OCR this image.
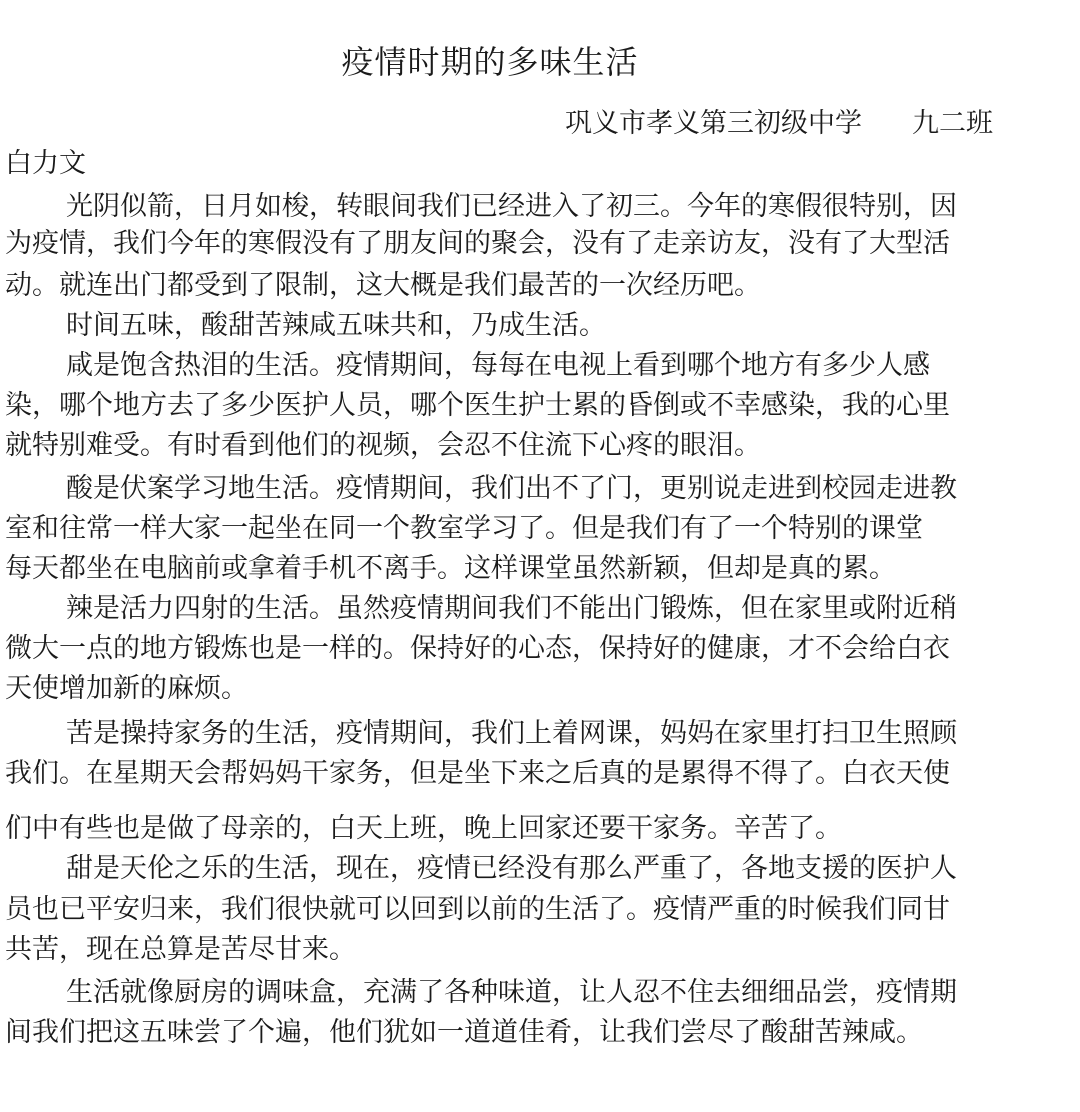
疫情时期的多味生活
巩义市孝义第三初级中学 九二班
白力文
光阴似箭，日月如梭，转眼间我们已经进入了初三。今年的寒假很特别，因
为疫情，我们今年的寒假没有了朋友间的聚会，没有了走亲访友，没有了大型活
动。就连出门都受到了限制，这大概是我们最苦的一次经历吧。
时间五味，酸甜苦辣咸五味共和，乃成生活。
咸是饱含热泪的生活。疫情期间，每每在电视上看到哪个地方有多少人感
染，哪个地方去了多少医护人员，哪个医生护士累的昏倒或不幸感染，我的心里
就特别难受。有时看到他们的视频，会忍不住流下心疼的眼泪。
酸是伏案学习地生活。疫情期间，我们出不了门，更别说走进到校园走进教
室和往常一样大家一起坐在同一个教室学习了。但是我们有了一个特别的课堂
每天都坐在电脑前或拿着手机不离手。这样课堂虽然新颖，但却是真的累。
辣是活力四射的生活。虽然疫情期间我们不能出门锻炼，但在家里或附近稍
微大一点的地方锻炼也是一样的。保持好的心态，保持好的健康，才不会给白衣
天使增加新的麻烦。
苦是操持家务的生活，疫情期间，我们上着网课，妈妈在家里打扫卫生照顾
我们。在星期天会帮妈妈干家务，但是坐下来之后真的是累得不得了。白衣天使
们中有些也是做了母亲的，白天上班，晚上回家还要干家务。辛苦了。
甜是天伦之乐的生活，现在，疫情已经没有那么严重了，各地支援的医护人
员也已平安归来，我们很快就可以回到以前的生活了。疫情严重的时候我们同甘
共苦，现在总算是苦尽甘来。
生活就像厨房的调味盒，充满了各种味道，让人忍不住去细细品尝，疫情期
间我们把这五味尝了个遍，他们犹如一道道佳肴，让我们尝尽了酸甜苦辣咸。
